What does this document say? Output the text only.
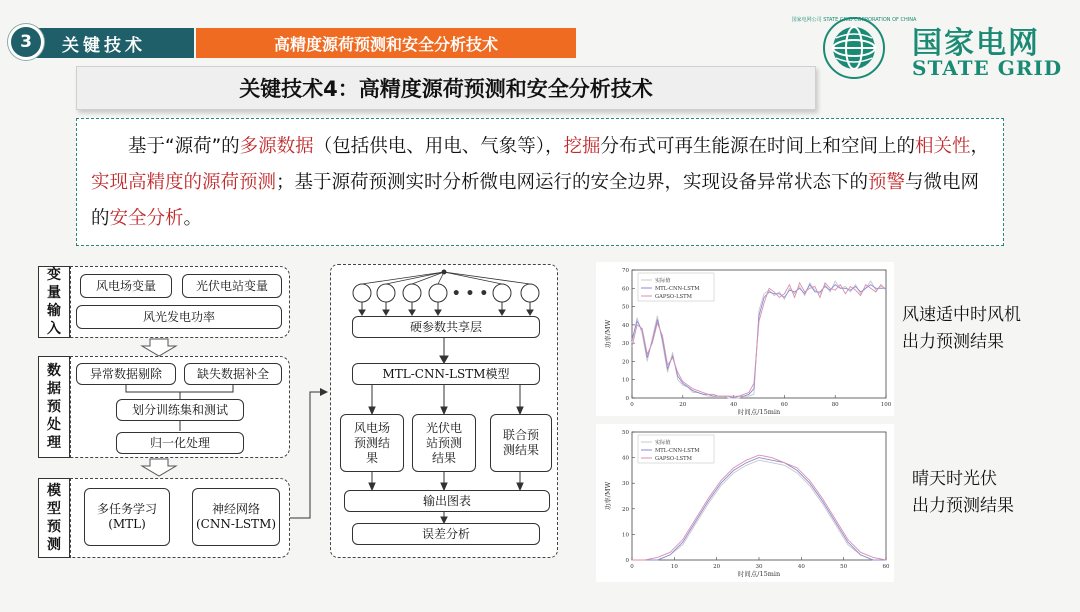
3	关键技术	高精度源荷预测和安全分析技术
国家电网公司 STATE GRID CORPORATION OF CHINA
国家电网
STATE GRID
关键技术4：高精度源荷预测和安全分析技术
基于“源荷”的多源数据（包括供电、用电、气象等），挖掘分布式可再生能源在时间上和空间上的相关性，实现高精度的源荷预测；基于源荷预测实时分析微电网运行的安全边界，实现设备异常状态下的预警与微电网的安全分析。
变
量
输
入
风电场变量	光伏电站变量
风光发电功率
数
据
预
处
理
异常数据剔除	缺失数据补全
划分训练集和测试
归一化处理
模
型
预
测
多任务学习
(MTL)
神经网络
(CNN-LSTM)
• • •
硬参数共享层
MTL-CNN-LSTM模型
风电场
预测结
果
光伏电
站预测
结果
联合预
测结果
输出图表
误差分析
0	20	40	60	80	100
0
10
20
30
40
50
60
70
时间点/15min
功率/MW
实际值
MTL-CNN-LSTM
GAPSO-LSTM
0	10	20	30	40	50	60
0
10
20
30
40
50
时间点/15min
功率/MW
实际值
MTL-CNN-LSTM
GAPSO-LSTM
风速适中时风机
出力预测结果
晴天时光伏
出力预测结果
